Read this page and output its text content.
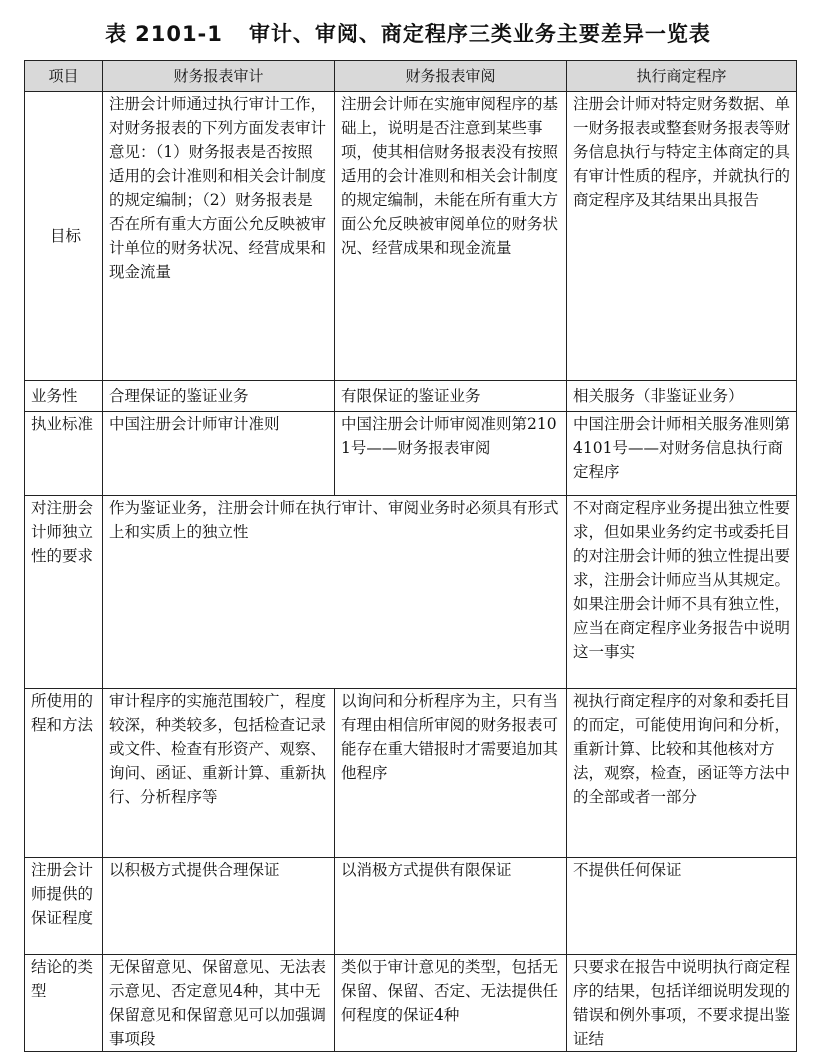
表 2101-1 审计、审阅、商定程序三类业务主要差异一览表
项目	财务报表审计	财务报表审阅	执行商定程序
目标	注册会计师通过执行审计工作，对财务报表的下列方面发表审计意见：（1）财务报表是否按照适用的会计准则和相关会计制度的规定编制；（2）财务报表是否在所有重大方面公允反映被审计单位的财务状况、经营成果和现金流量	注册会计师在实施审阅程序的基础上，说明是否注意到某些事项，使其相信财务报表没有按照适用的会计准则和相关会计制度的规定编制，未能在所有重大方面公允反映被审阅单位的财务状况、经营成果和现金流量	注册会计师对特定财务数据、单一财务报表或整套财务报表等财务信息执行与特定主体商定的具有审计性质的程序，并就执行的商定程序及其结果出具报告
业务性	合理保证的鉴证业务	有限保证的鉴证业务	相关服务（非鉴证业务）
执业标准	中国注册会计师审计准则	中国注册会计师审阅准则第2101号——财务报表审阅	中国注册会计师相关服务准则第4101号——对财务信息执行商定程序
对注册会计师独立性的要求	作为鉴证业务，注册会计师在执行审计、审阅业务时必须具有形式上和实质上的独立性		不对商定程序业务提出独立性要求，但如果业务约定书或委托目的对注册会计师的独立性提出要求，注册会计师应当从其规定。如果注册会计师不具有独立性，应当在商定程序业务报告中说明这一事实
所使用的程和方法	审计程序的实施范围较广，程度较深，种类较多，包括检查记录或文件、检查有形资产、观察、询问、函证、重新计算、重新执行、分析程序等	以询问和分析程序为主，只有当有理由相信所审阅的财务报表可能存在重大错报时才需要追加其他程序	视执行商定程序的对象和委托目的而定，可能使用询问和分析，重新计算、比较和其他核对方法，观察，检查，函证等方法中的全部或者一部分
注册会计师提供的保证程度	以积极方式提供合理保证	以消极方式提供有限保证	不提供任何保证
结论的类型	无保留意见、保留意见、无法表示意见、否定意见4种，其中无保留意见和保留意见可以加强调事项段	类似于审计意见的类型，包括无保留、保留、否定、无法提供任何程度的保证4种	只要求在报告中说明执行商定程序的结果，包括详细说明发现的错误和例外事项，不要求提出鉴证结
